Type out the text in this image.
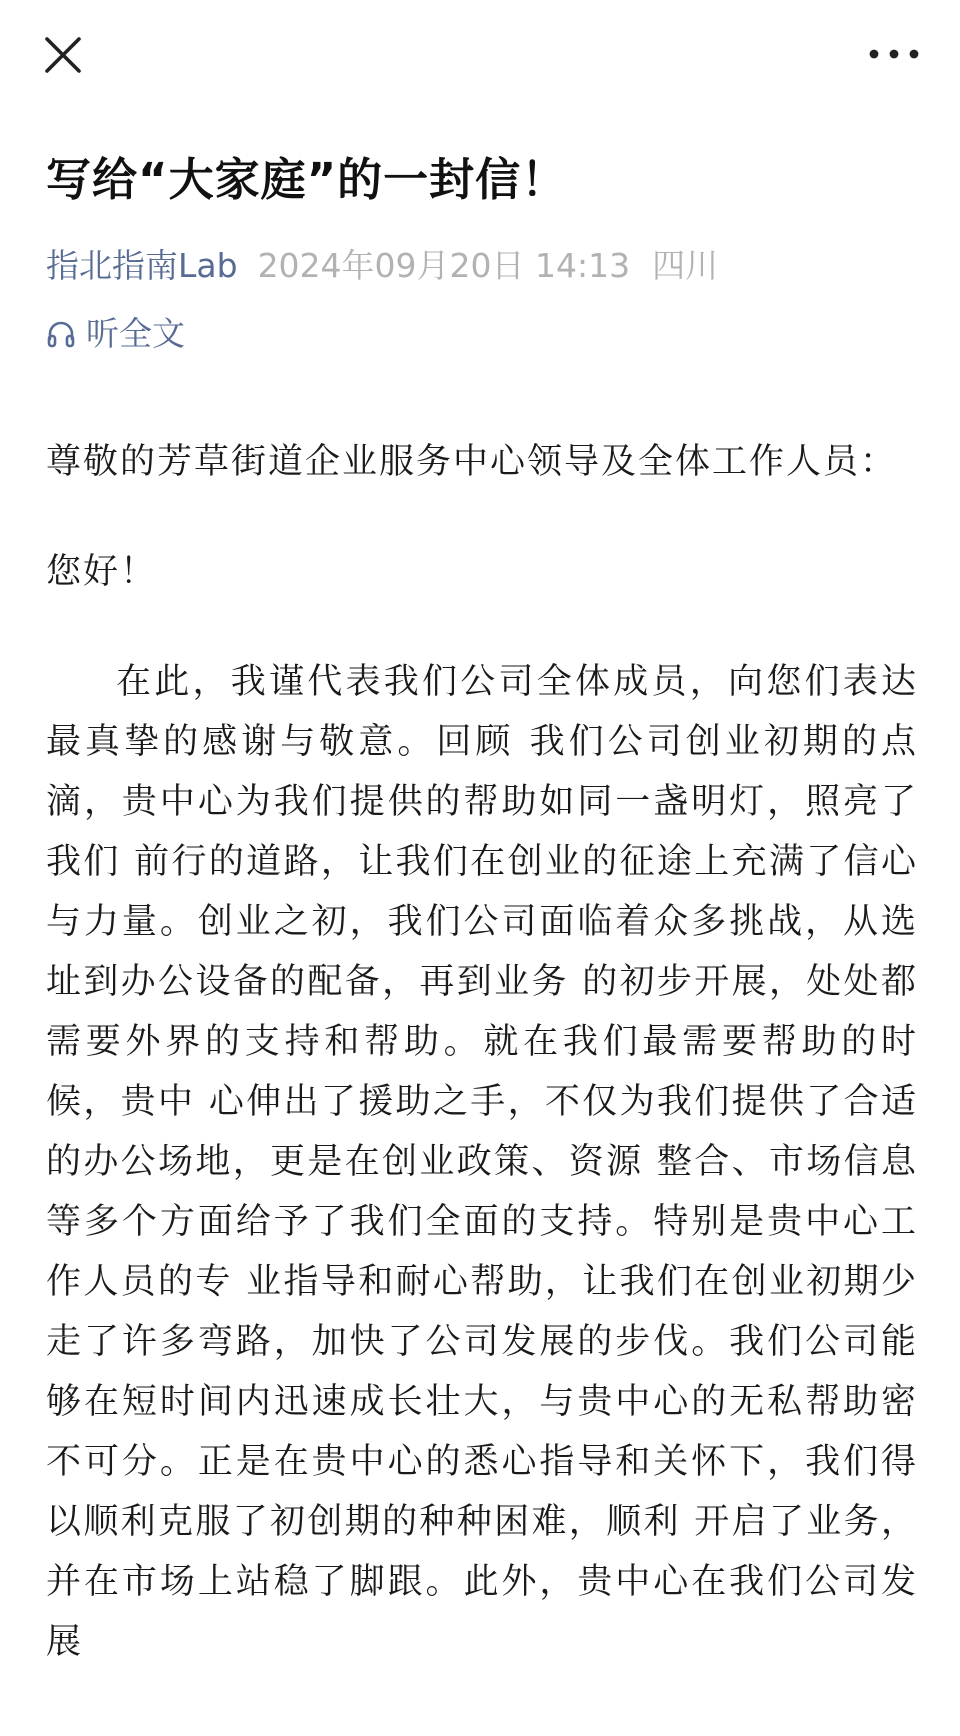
写给“大家庭”的一封信！
指北指南Lab 2024年09月20日 14:13 四川
听全文

尊敬的芳草街道企业服务中心领导及全体工作人员：

您好！

在此，我谨代表我们公司全体成员，向您们表达最真挚的感谢与敬意。回顾 我们公司创业初期的点滴，贵中心为我们提供的帮助如同一盏明灯，照亮了我们 前行的道路，让我们在创业的征途上充满了信心与力量。创业之初，我们公司面临着众多挑战，从选址到办公设备的配备，再到业务 的初步开展，处处都需要外界的支持和帮助。就在我们最需要帮助的时候，贵中 心伸出了援助之手，不仅为我们提供了合适的办公场地，更是在创业政策、资源 整合、市场信息等多个方面给予了我们全面的支持。特别是贵中心工作人员的专 业指导和耐心帮助，让我们在创业初期少走了许多弯路，加快了公司发展的步伐。我们公司能够在短时间内迅速成长壮大，与贵中心的无私帮助密不可分。正是在贵中心的悉心指导和关怀下，我们得以顺利克服了初创期的种种困难，顺利 开启了业务，并在市场上站稳了脚跟。此外，贵中心在我们公司发展
